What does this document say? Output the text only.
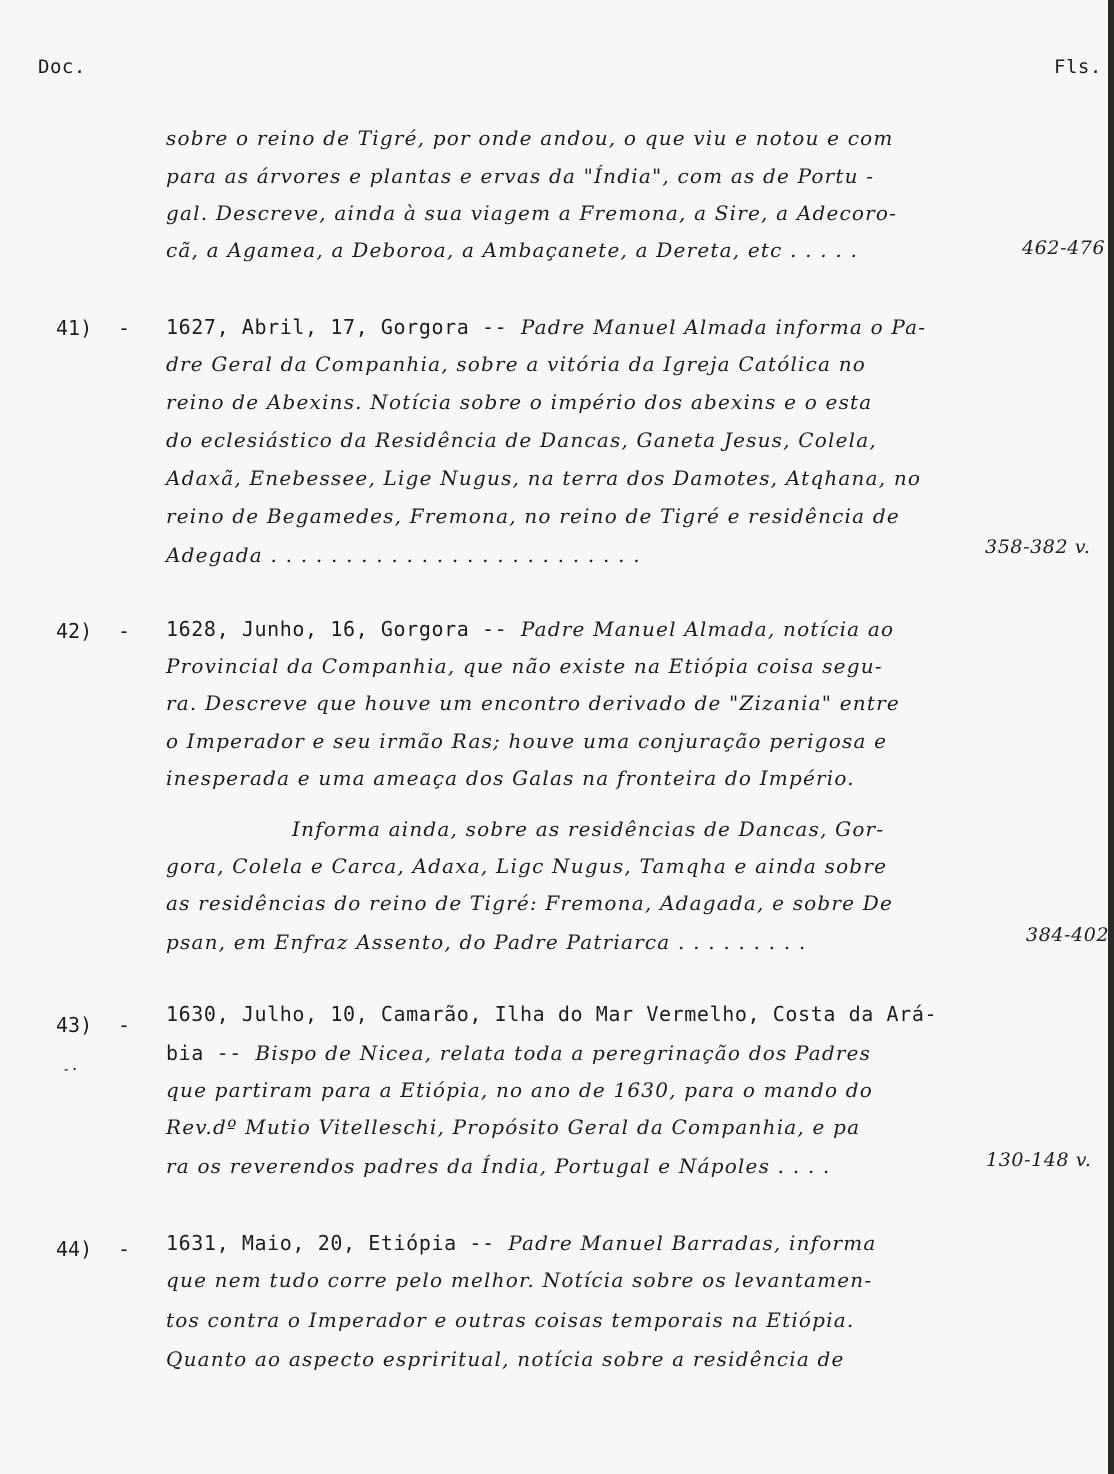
Doc.	Fls.
sobre o reino de Tigré, por onde andou, o que viu e notou e com
para as árvores e plantas e ervas da "Índia", com as de Portu -
gal. Descreve, ainda à sua viagem a Fremona, a Sire, a Adecoro-
cã, a Agamea, a Deboroa, a Ambaçanete, a Dereta, etc . . . . .	462-476
41) - 1627, Abril, 17, Gorgora -- Padre Manuel Almada informa o Pa-
dre Geral da Companhia, sobre a vitória da Igreja Católica no
reino de Abexins. Notícia sobre o império dos abexins e o esta
do eclesiástico da Residência de Dancas, Ganeta Jesus, Colela,
Adaxã, Enebessee, Lige Nugus, na terra dos Damotes, Atqhana, no
reino de Begamedes, Fremona, no reino de Tigré e residência de
Adegada . . . . . . . . . . . . . . . . . . . . . . . . .	358-382 v.
42) - 1628, Junho, 16, Gorgora -- Padre Manuel Almada, notícia ao
Provincial da Companhia, que não existe na Etiópia coisa segu-
ra. Descreve que houve um encontro derivado de "Zizania" entre
o Imperador e seu irmão Ras; houve uma conjuração perigosa e
inesperada e uma ameaça dos Galas na fronteira do Império.
Informa ainda, sobre as residências de Dancas, Gor-
gora, Colela e Carca, Adaxa, Ligc Nugus, Tamqha e ainda sobre
as residências do reino de Tigré: Fremona, Adagada, e sobre De
psan, em Enfraz Assento, do Padre Patriarca . . . . . . . . .	384-402
43) - 1630, Julho, 10, Camarão, Ilha do Mar Vermelho, Costa da Ará-
bia -- Bispo de Nicea, relata toda a peregrinação dos Padres
-·
que partiram para a Etiópia, no ano de 1630, para o mando do
Rev.dº Mutio Vitelleschi, Propósito Geral da Companhia, e pa
ra os reverendos padres da Índia, Portugal e Nápoles . . . .	130-148 v.
44) - 1631, Maio, 20, Etiópia -- Padre Manuel Barradas, informa
que nem tudo corre pelo melhor. Notícia sobre os levantamen-
tos contra o Imperador e outras coisas temporais na Etiópia.
Quanto ao aspecto espriritual, notícia sobre a residência de
